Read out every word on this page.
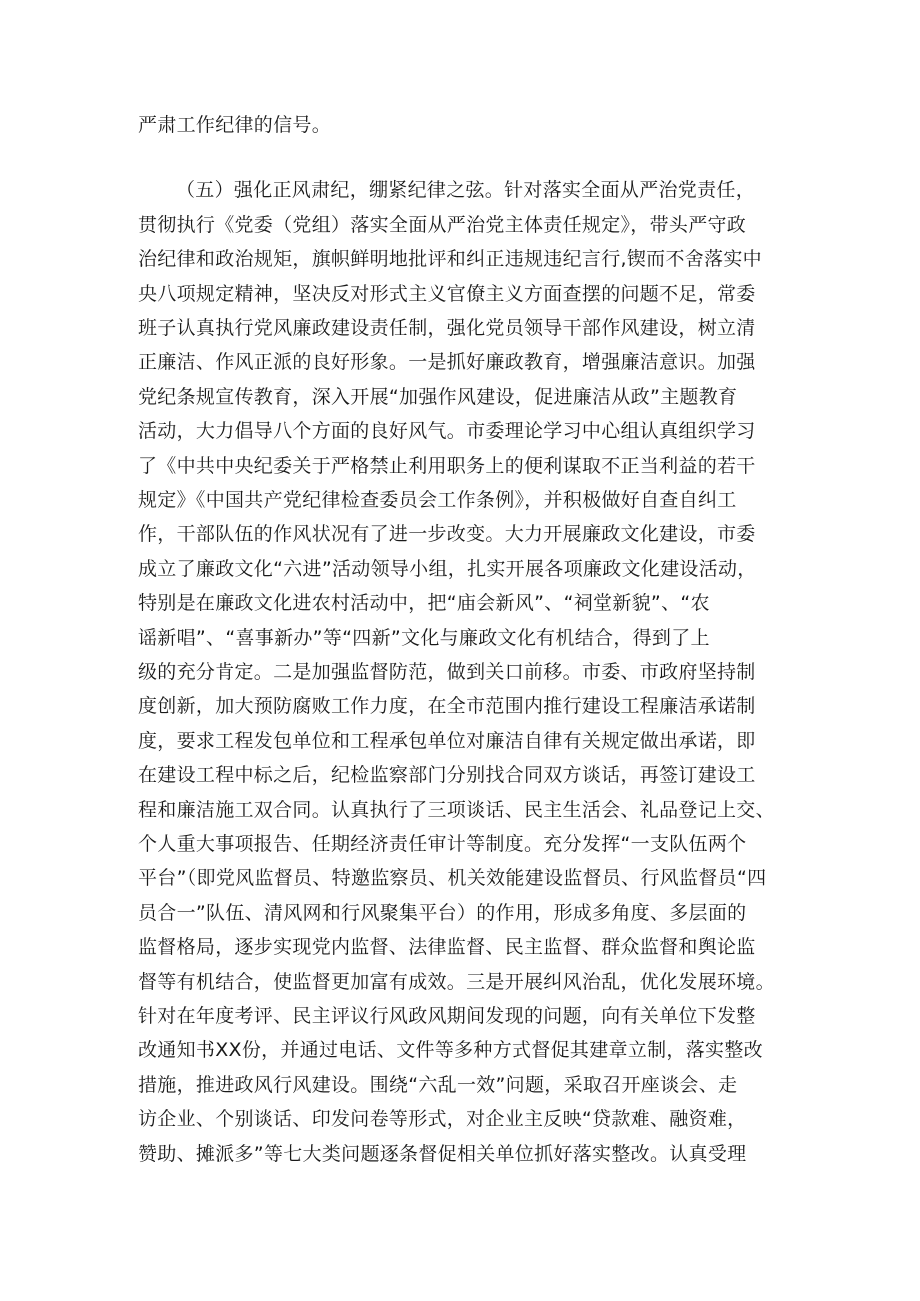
严肃工作纪律的信号。
（五）强化正风肃纪，绷紧纪律之弦。针对落实全面从严治党责任，
贯彻执行《党委（党组）落实全面从严治党主体责任规定》，带头严守政
治纪律和政治规矩，旗帜鲜明地批评和纠正违规违纪言行,锲而不舍落实中
央八项规定精神，坚决反对形式主义官僚主义方面查摆的问题不足，常委
班子认真执行党风廉政建设责任制，强化党员领导干部作风建设，树立清
正廉洁、作风正派的良好形象。一是抓好廉政教育，增强廉洁意识。加强
党纪条规宣传教育，深入开展“加强作风建设，促进廉洁从政”主题教育
活动，大力倡导八个方面的良好风气。市委理论学习中心组认真组织学习
了《中共中央纪委关于严格禁止利用职务上的便利谋取不正当利益的若干
规定》《中国共产党纪律检查委员会工作条例》，并积极做好自查自纠工
作，干部队伍的作风状况有了进一步改变。大力开展廉政文化建设，市委
成立了廉政文化“六进”活动领导小组，扎实开展各项廉政文化建设活动，
特别是在廉政文化进农村活动中，把“庙会新风”、“祠堂新貌”、“农
谣新唱”、“喜事新办”等“四新”文化与廉政文化有机结合，得到了上
级的充分肯定。二是加强监督防范，做到关口前移。市委、市政府坚持制
度创新，加大预防腐败工作力度，在全市范围内推行建设工程廉洁承诺制
度，要求工程发包单位和工程承包单位对廉洁自律有关规定做出承诺，即
在建设工程中标之后，纪检监察部门分别找合同双方谈话，再签订建设工
程和廉洁施工双合同。认真执行了三项谈话、民主生活会、礼品登记上交、
个人重大事项报告、任期经济责任审计等制度。充分发挥“一支队伍两个
平台”（即党风监督员、特邀监察员、机关效能建设监督员、行风监督员“四
员合一”队伍、清风网和行风聚集平台）的作用，形成多角度、多层面的
监督格局，逐步实现党内监督、法律监督、民主监督、群众监督和舆论监
督等有机结合，使监督更加富有成效。三是开展纠风治乱，优化发展环境。
针对在年度考评、民主评议行风政风期间发现的问题，向有关单位下发整
改通知书XX份，并通过电话、文件等多种方式督促其建章立制，落实整改
措施，推进政风行风建设。围绕“六乱一效”问题，采取召开座谈会、走
访企业、个别谈话、印发问卷等形式，对企业主反映“贷款难、融资难，
赞助、摊派多”等七大类问题逐条督促相关单位抓好落实整改。认真受理
